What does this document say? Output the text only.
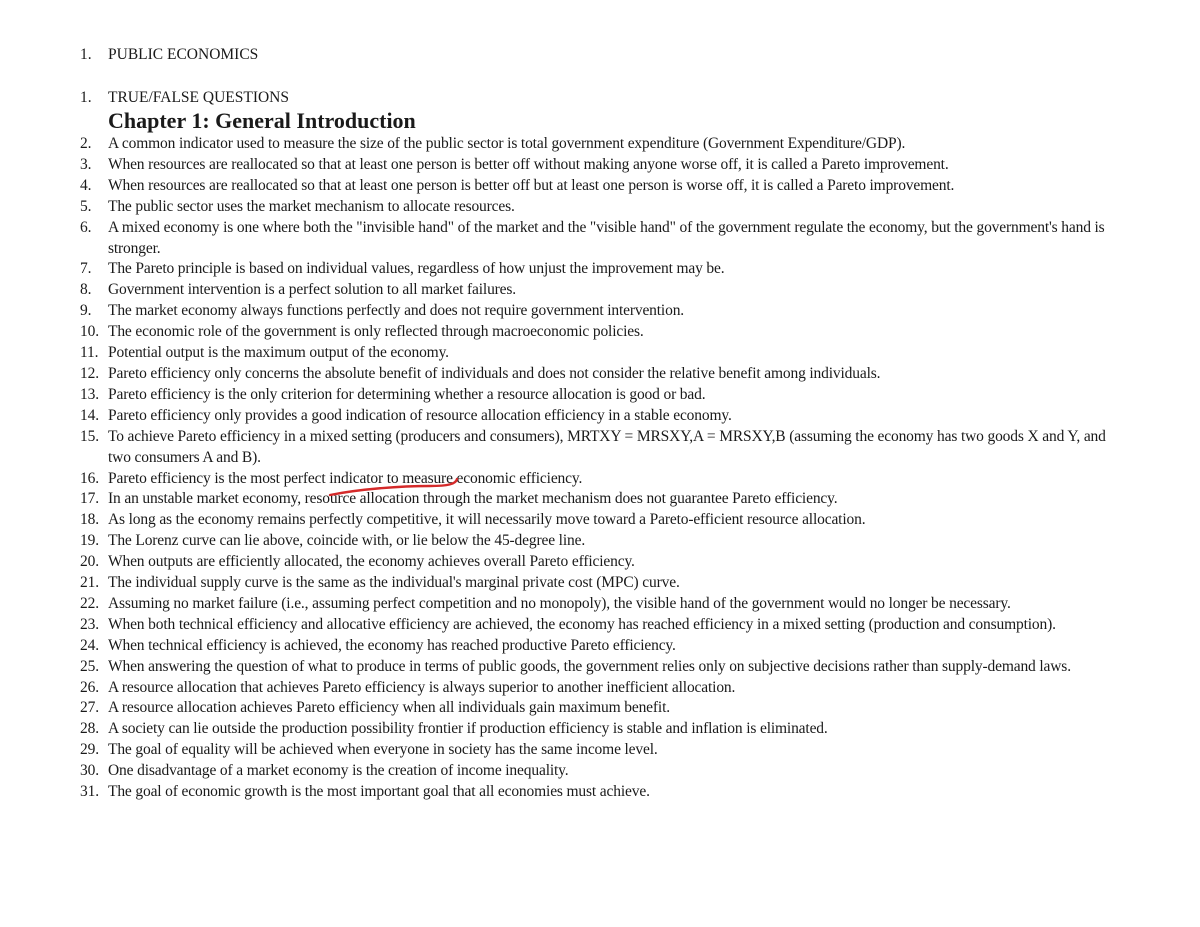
1. PUBLIC ECONOMICS
1. TRUE/FALSE QUESTIONS
Chapter 1: General Introduction
2.	A common indicator used to measure the size of the public sector is total government expenditure (Government Expenditure/GDP).
3.	When resources are reallocated so that at least one person is better off without making anyone worse off, it is called a Pareto improvement.
4.	When resources are reallocated so that at least one person is better off but at least one person is worse off, it is called a Pareto improvement.
5.	The public sector uses the market mechanism to allocate resources.
6.	A mixed economy is one where both the "invisible hand" of the market and the "visible hand" of the government regulate the economy, but the government's hand is stronger.
7.	The Pareto principle is based on individual values, regardless of how unjust the improvement may be.
8.	Government intervention is a perfect solution to all market failures.
9.	The market economy always functions perfectly and does not require government intervention.
10. The economic role of the government is only reflected through macroeconomic policies.
11. Potential output is the maximum output of the economy.
12. Pareto efficiency only concerns the absolute benefit of individuals and does not consider the relative benefit among individuals.
13. Pareto efficiency is the only criterion for determining whether a resource allocation is good or bad.
14. Pareto efficiency only provides a good indication of resource allocation efficiency in a stable economy.
15. To achieve Pareto efficiency in a mixed setting (producers and consumers), MRTXY = MRSXY,A = MRSXY,B (assuming the economy has two goods X and Y, and two consumers A and B).
16. Pareto efficiency is the most perfect indicator to measure economic efficiency.
17. In an unstable market economy, resource allocation through the market mechanism does not guarantee Pareto efficiency.
18. As long as the economy remains perfectly competitive, it will necessarily move toward a Pareto-efficient resource allocation.
19. The Lorenz curve can lie above, coincide with, or lie below the 45-degree line.
20. When outputs are efficiently allocated, the economy achieves overall Pareto efficiency.
21. The individual supply curve is the same as the individual's marginal private cost (MPC) curve.
22. Assuming no market failure (i.e., assuming perfect competition and no monopoly), the visible hand of the government would no longer be necessary.
23. When both technical efficiency and allocative efficiency are achieved, the economy has reached efficiency in a mixed setting (production and consumption).
24. When technical efficiency is achieved, the economy has reached productive Pareto efficiency.
25. When answering the question of what to produce in terms of public goods, the government relies only on subjective decisions rather than supply-demand laws.
26. A resource allocation that achieves Pareto efficiency is always superior to another inefficient allocation.
27. A resource allocation achieves Pareto efficiency when all individuals gain maximum benefit.
28. A society can lie outside the production possibility frontier if production efficiency is stable and inflation is eliminated.
29. The goal of equality will be achieved when everyone in society has the same income level.
30. One disadvantage of a market economy is the creation of income inequality.
31. The goal of economic growth is the most important goal that all economies must achieve.
